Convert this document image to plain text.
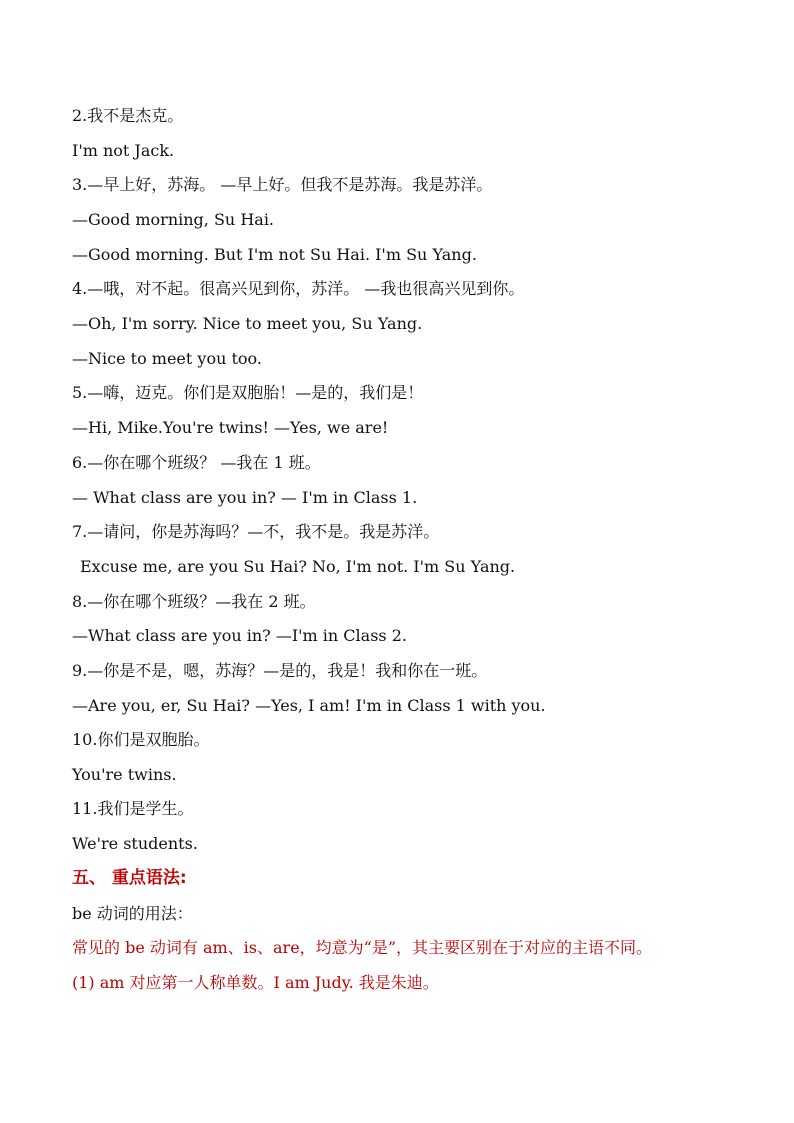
2.我不是杰克。
I'm not Jack.
3.—早上好，苏海。 —早上好。但我不是苏海。我是苏洋。
—Good morning, Su Hai.
—Good morning. But I'm not Su Hai. I'm Su Yang.
4.—哦，对不起。很高兴见到你，苏洋。 —我也很高兴见到你。
—Oh, I'm sorry. Nice to meet you, Su Yang.
—Nice to meet you too.
5.—嗨，迈克。你们是双胞胎！—是的，我们是！
—Hi, Mike.You're twins! —Yes, we are!
6.—你在哪个班级？ —我在 1 班。
— What class are you in? — I'm in Class 1.
7.—请问，你是苏海吗？—不，我不是。我是苏洋。
Excuse me, are you Su Hai? No, I'm not. I'm Su Yang.
8.—你在哪个班级？—我在 2 班。
—What class are you in? —I'm in Class 2.
9.—你是不是，嗯，苏海？—是的，我是！我和你在一班。
—Are you, er, Su Hai? —Yes, I am! I'm in Class 1 with you.
10.你们是双胞胎。
You're twins.
11.我们是学生。
We're students.
五、 重点语法:
be 动词的用法：
常见的 be 动词有 am、is、are，均意为“是”，其主要区别在于对应的主语不同。
(1) am 对应第一人称单数。I am Judy. 我是朱迪。
